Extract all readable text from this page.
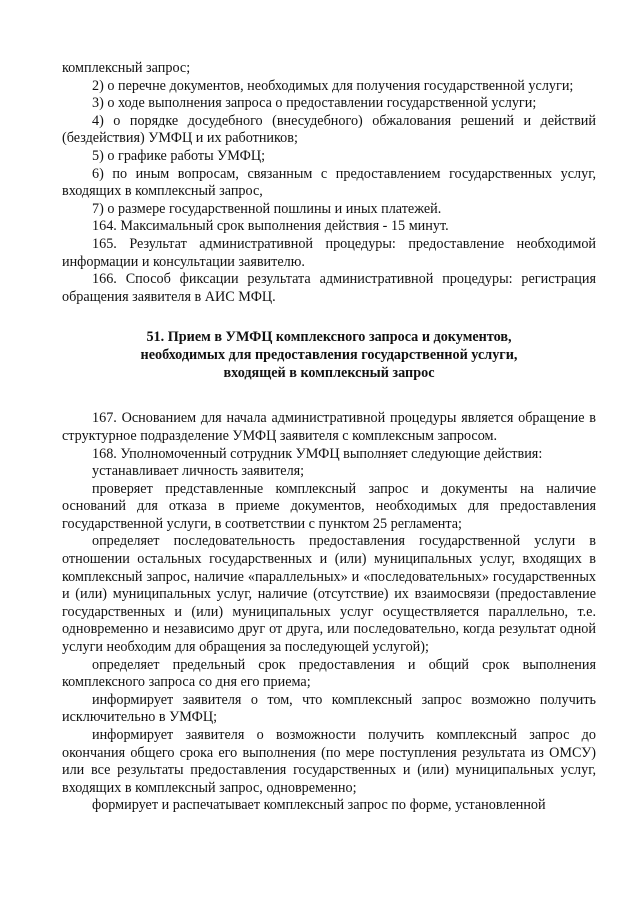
комплексный запрос;

2) о перечне документов, необходимых для получения государственной услуги;

3) о ходе выполнения запроса о предоставлении государственной услуги;

4) о порядке досудебного (внесудебного) обжалования решений и действий (бездействия) УМФЦ и их работников;

5) о графике работы УМФЦ;

6) по иным вопросам, связанным с предоставлением государственных услуг, входящих в комплексный запрос,

7) о размере государственной пошлины и иных платежей.

164. Максимальный срок выполнения действия - 15 минут.

165. Результат административной процедуры: предоставление необходимой информации и консультации заявителю.

166. Способ фиксации результата административной процедуры: регистрация обращения заявителя в АИС МФЦ.

51. Прием в УМФЦ комплексного запроса и документов,
необходимых для предоставления государственной услуги,
входящей в комплексный запрос

167. Основанием для начала административной процедуры является обращение в структурное подразделение УМФЦ заявителя с комплексным запросом.

168. Уполномоченный сотрудник УМФЦ выполняет следующие действия:

устанавливает личность заявителя;

проверяет представленные комплексный запрос и документы на наличие оснований для отказа в приеме документов, необходимых для предоставления государственной услуги, в соответствии с пунктом 25 регламента;

определяет последовательность предоставления государственной услуги в отношении остальных государственных и (или) муниципальных услуг, входящих в комплексный запрос, наличие «параллельных» и «последовательных» государственных и (или) муниципальных услуг, наличие (отсутствие) их взаимосвязи (предоставление государственных и (или) муниципальных услуг осуществляется параллельно, т.е. одновременно и независимо друг от друга, или последовательно, когда результат одной услуги необходим для обращения за последующей услугой);

определяет предельный срок предоставления и общий срок выполнения комплексного запроса со дня его приема;

информирует заявителя о том, что комплексный запрос возможно получить исключительно в УМФЦ;

информирует заявителя о возможности получить комплексный запрос до окончания общего срока его выполнения (по мере поступления результата из ОМСУ) или все результаты предоставления государственных и (или) муниципальных услуг, входящих в комплексный запрос, одновременно;

формирует и распечатывает комплексный запрос по форме, установленной
